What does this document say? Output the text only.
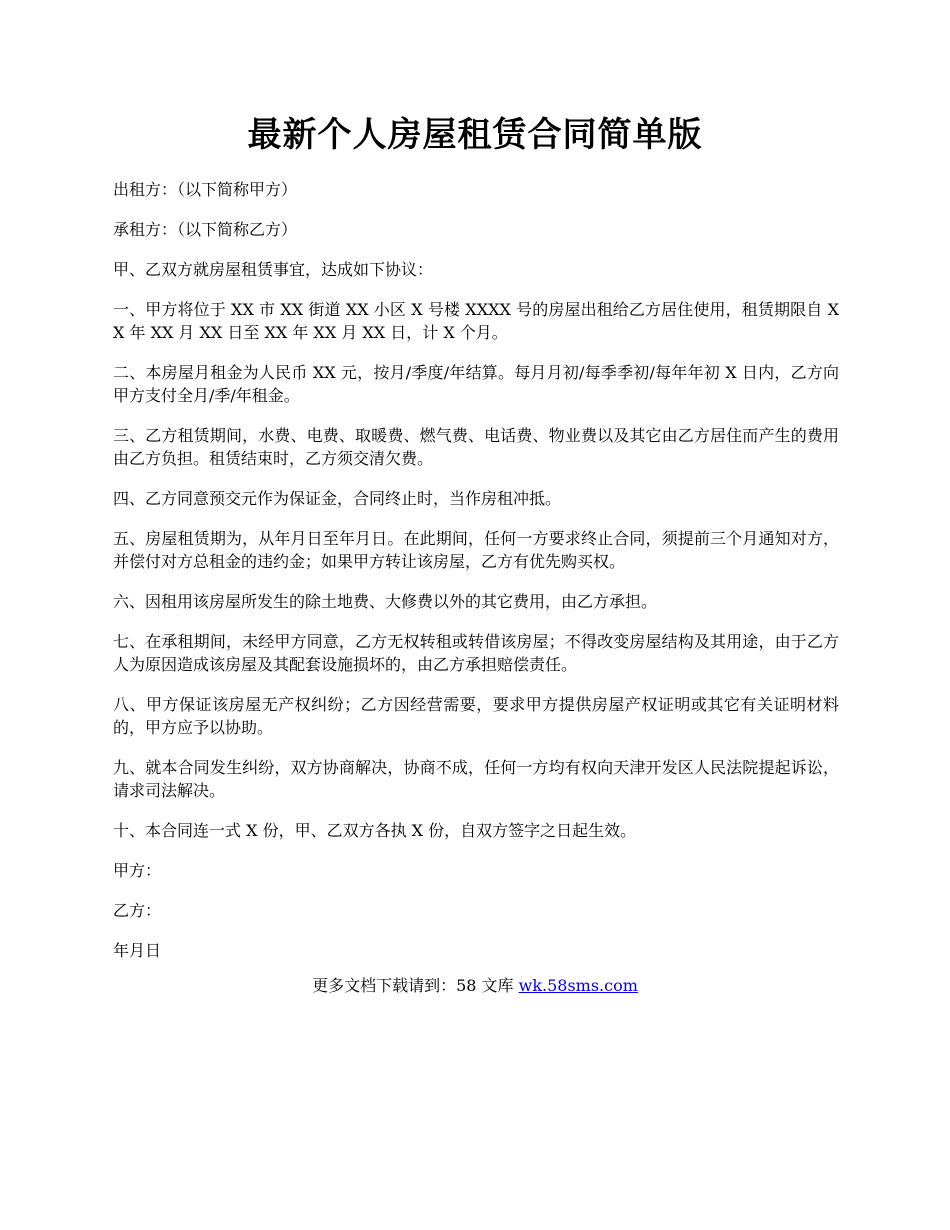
最新个人房屋租赁合同简单版

出租方：（以下简称甲方）

承租方：（以下简称乙方）

甲、乙双方就房屋租赁事宜，达成如下协议：

一、甲方将位于 XX 市 XX 街道 XX 小区 X 号楼 XXXX 号的房屋出租给乙方居住使用，租赁期限自 XX 年 XX 月 XX 日至 XX 年 XX 月 XX 日，计 X 个月。

二、本房屋月租金为人民币 XX 元，按月/季度/年结算。每月月初/每季季初/每年年初 X 日内，乙方向甲方支付全月/季/年租金。

三、乙方租赁期间，水费、电费、取暖费、燃气费、电话费、物业费以及其它由乙方居住而产生的费用由乙方负担。租赁结束时，乙方须交清欠费。

四、乙方同意预交元作为保证金，合同终止时，当作房租冲抵。

五、房屋租赁期为，从年月日至年月日。在此期间，任何一方要求终止合同，须提前三个月通知对方，并偿付对方总租金的违约金；如果甲方转让该房屋，乙方有优先购买权。

六、因租用该房屋所发生的除土地费、大修费以外的其它费用，由乙方承担。

七、在承租期间，未经甲方同意，乙方无权转租或转借该房屋；不得改变房屋结构及其用途，由于乙方人为原因造成该房屋及其配套设施损坏的，由乙方承担赔偿责任。

八、甲方保证该房屋无产权纠纷；乙方因经营需要，要求甲方提供房屋产权证明或其它有关证明材料的，甲方应予以协助。

九、就本合同发生纠纷，双方协商解决，协商不成，任何一方均有权向天津开发区人民法院提起诉讼，请求司法解决。

十、本合同连一式 X 份，甲、乙双方各执 X 份，自双方签字之日起生效。

甲方：

乙方：

年月日

更多文档下载请到：58 文库 wk.58sms.com
